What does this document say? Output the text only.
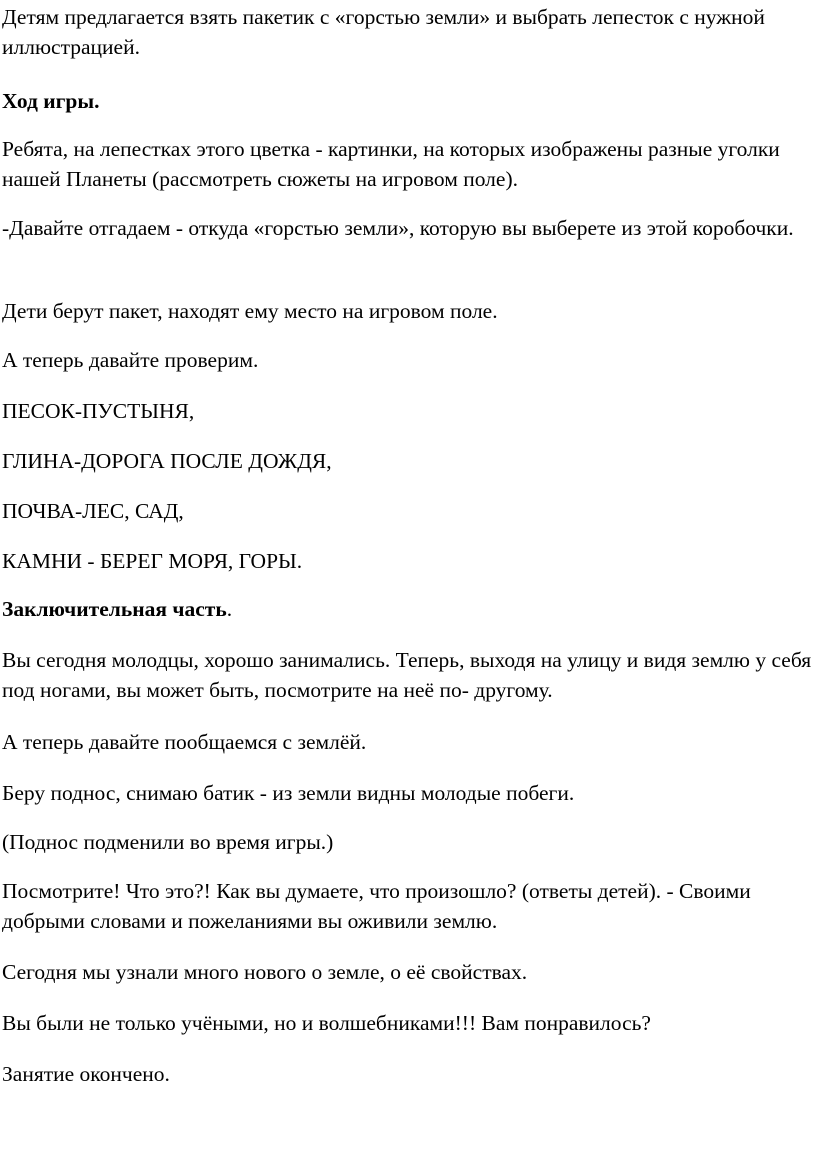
Детям предлагается взять пакетик с «горстью земли» и выбрать лепесток с нужной иллюстрацией.

Ход игры.

Ребята, на лепестках этого цветка - картинки, на которых изображены разные уголки нашей Планеты (рассмотреть сюжеты на игровом поле).

-Давайте отгадаем - откуда «горстью земли», которую вы выберете из этой коробочки.

Дети берут пакет, находят ему место на игровом поле.

А теперь давайте проверим.

ПЕСОК-ПУСТЫНЯ,

ГЛИНА-ДОРОГА ПОСЛЕ ДОЖДЯ,

ПОЧВА-ЛЕС, САД,

КАМНИ - БЕРЕГ МОРЯ, ГОРЫ.

Заключительная часть.

Вы сегодня молодцы, хорошо занимались. Теперь, выходя на улицу и видя землю у себя под ногами, вы может быть, посмотрите на неё по- другому.

А теперь давайте пообщаемся с землёй.

Беру поднос, снимаю батик - из земли видны молодые побеги.

(Поднос подменили во время игры.)

Посмотрите! Что это?! Как вы думаете, что произошло? (ответы детей). - Своими добрыми словами и пожеланиями вы оживили землю.

Сегодня мы узнали много нового о земле, о её свойствах.

Вы были не только учёными, но и волшебниками!!! Вам понравилось?

Занятие окончено.
